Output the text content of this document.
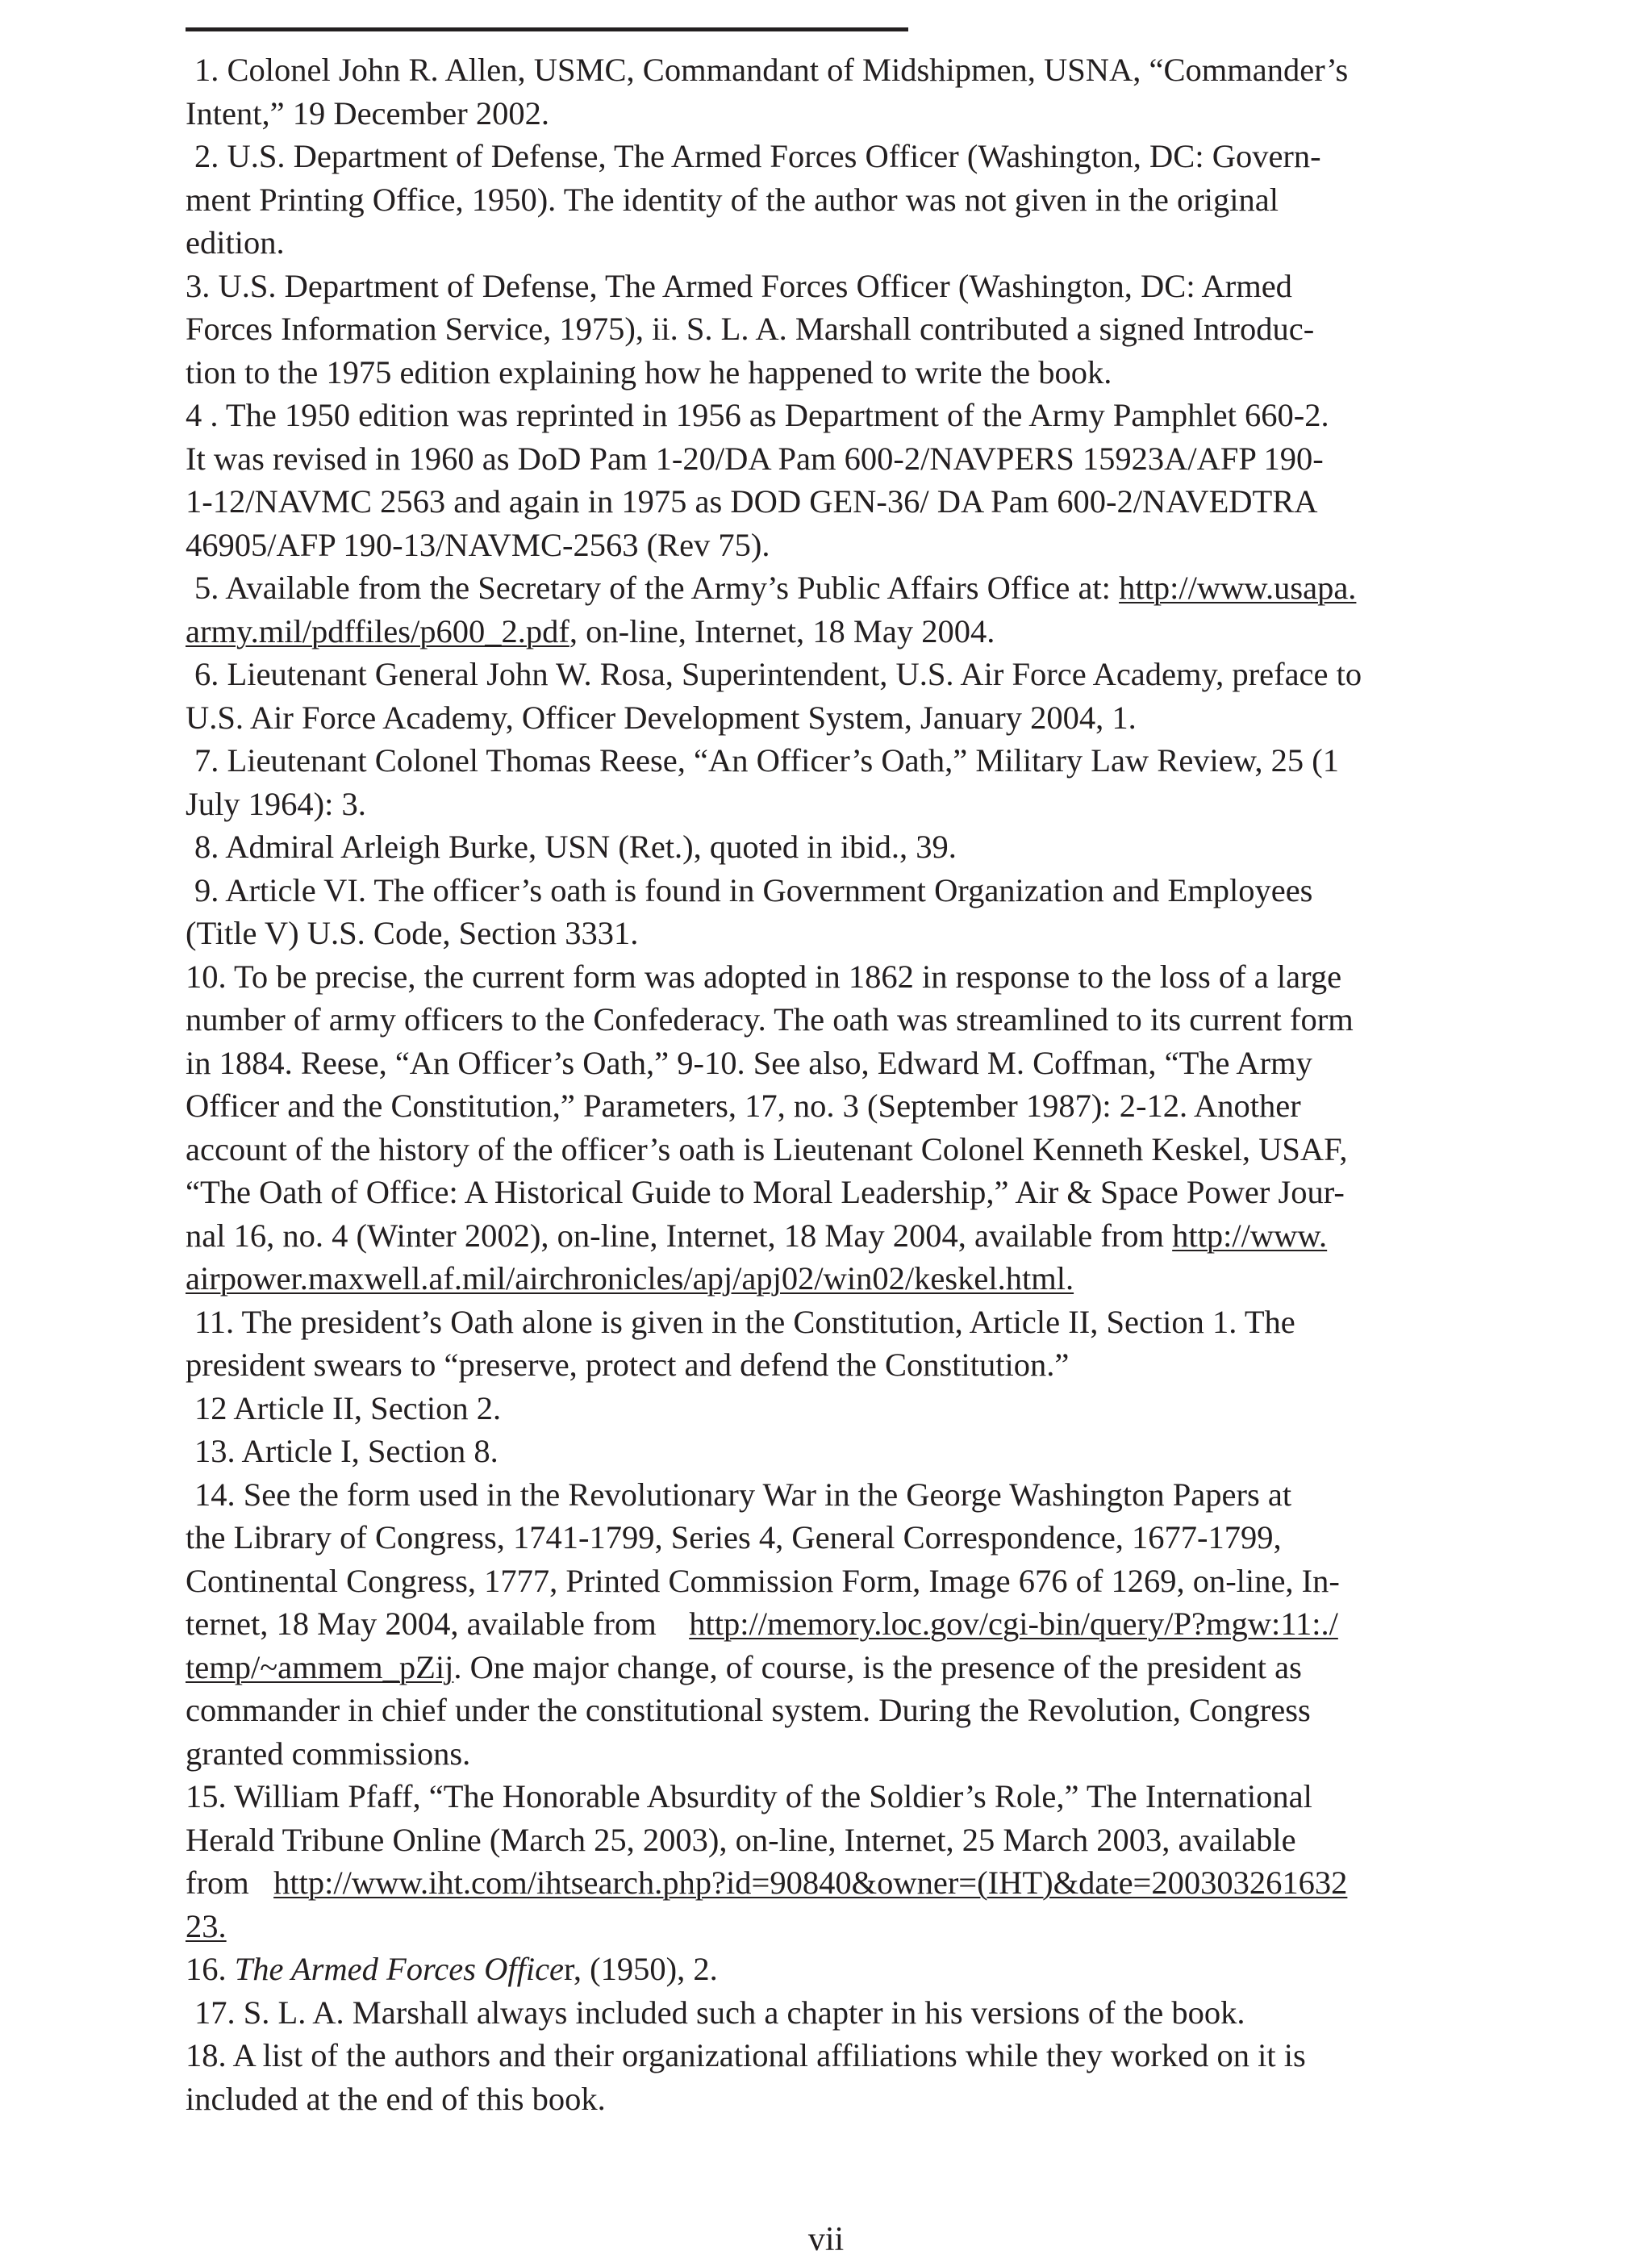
1. Colonel John R. Allen, USMC, Commandant of Midshipmen, USNA, “Commander’s
Intent,” 19 December 2002.

2. U.S. Department of Defense, The Armed Forces Officer (Washington, DC: Govern-
ment Printing Office, 1950). The identity of the author was not given in the original
edition.

3. U.S. Department of Defense, The Armed Forces Officer (Washington, DC: Armed
Forces Information Service, 1975), ii. S. L. A. Marshall contributed a signed Introduc-
tion to the 1975 edition explaining how he happened to write the book.

4 . The 1950 edition was reprinted in 1956 as Department of the Army Pamphlet 660-2.
It was revised in 1960 as DoD Pam 1-20/DA Pam 600-2/NAVPERS 15923A/AFP 190-
1-12/NAVMC 2563 and again in 1975 as DOD GEN-36/ DA Pam 600-2/NAVEDTRA
46905/AFP 190-13/NAVMC-2563 (Rev 75).

5. Available from the Secretary of the Army’s Public Affairs Office at: http://www.usapa.
army.mil/pdffiles/p600_2.pdf, on-line, Internet, 18 May 2004.

6. Lieutenant General John W. Rosa, Superintendent, U.S. Air Force Academy, preface to
U.S. Air Force Academy, Officer Development System, January 2004, 1.

7. Lieutenant Colonel Thomas Reese, “An Officer’s Oath,” Military Law Review, 25 (1
July 1964): 3.

8. Admiral Arleigh Burke, USN (Ret.), quoted in ibid., 39.

9. Article VI. The officer’s oath is found in Government Organization and Employees
(Title V) U.S. Code, Section 3331.

10. To be precise, the current form was adopted in 1862 in response to the loss of a large
number of army officers to the Confederacy. The oath was streamlined to its current form
in 1884. Reese, “An Officer’s Oath,” 9-10. See also, Edward M. Coffman, “The Army
Officer and the Constitution,” Parameters, 17, no. 3 (September 1987): 2-12. Another
account of the history of the officer’s oath is Lieutenant Colonel Kenneth Keskel, USAF,
“The Oath of Office: A Historical Guide to Moral Leadership,” Air & Space Power Jour-
nal 16, no. 4 (Winter 2002), on-line, Internet, 18 May 2004, available from http://www.
airpower.maxwell.af.mil/airchronicles/apj/apj02/win02/keskel.html.

11. The president’s Oath alone is given in the Constitution, Article II, Section 1. The
president swears to “preserve, protect and defend the Constitution.”

12 Article II, Section 2.

13. Article I, Section 8.

14. See the form used in the Revolutionary War in the George Washington Papers at
the Library of Congress, 1741-1799, Series 4, General Correspondence, 1677-1799,
Continental Congress, 1777, Printed Commission Form, Image 676 of 1269, on-line, In-
ternet, 18 May 2004, available from    http://memory.loc.gov/cgi-bin/query/P?mgw:11:./
temp/~ammem_pZij. One major change, of course, is the presence of the president as
commander in chief under the constitutional system. During the Revolution, Congress
granted commissions.

15. William Pfaff, “The Honorable Absurdity of the Soldier’s Role,” The International
Herald Tribune Online (March 25, 2003), on-line, Internet, 25 March 2003, available
from   http://www.iht.com/ihtsearch.php?id=90840&owner=(IHT)&date=200303261632
23.

16. The Armed Forces Officer, (1950), 2.

17. S. L. A. Marshall always included such a chapter in his versions of the book.

18. A list of the authors and their organizational affiliations while they worked on it is
included at the end of this book.

vii
